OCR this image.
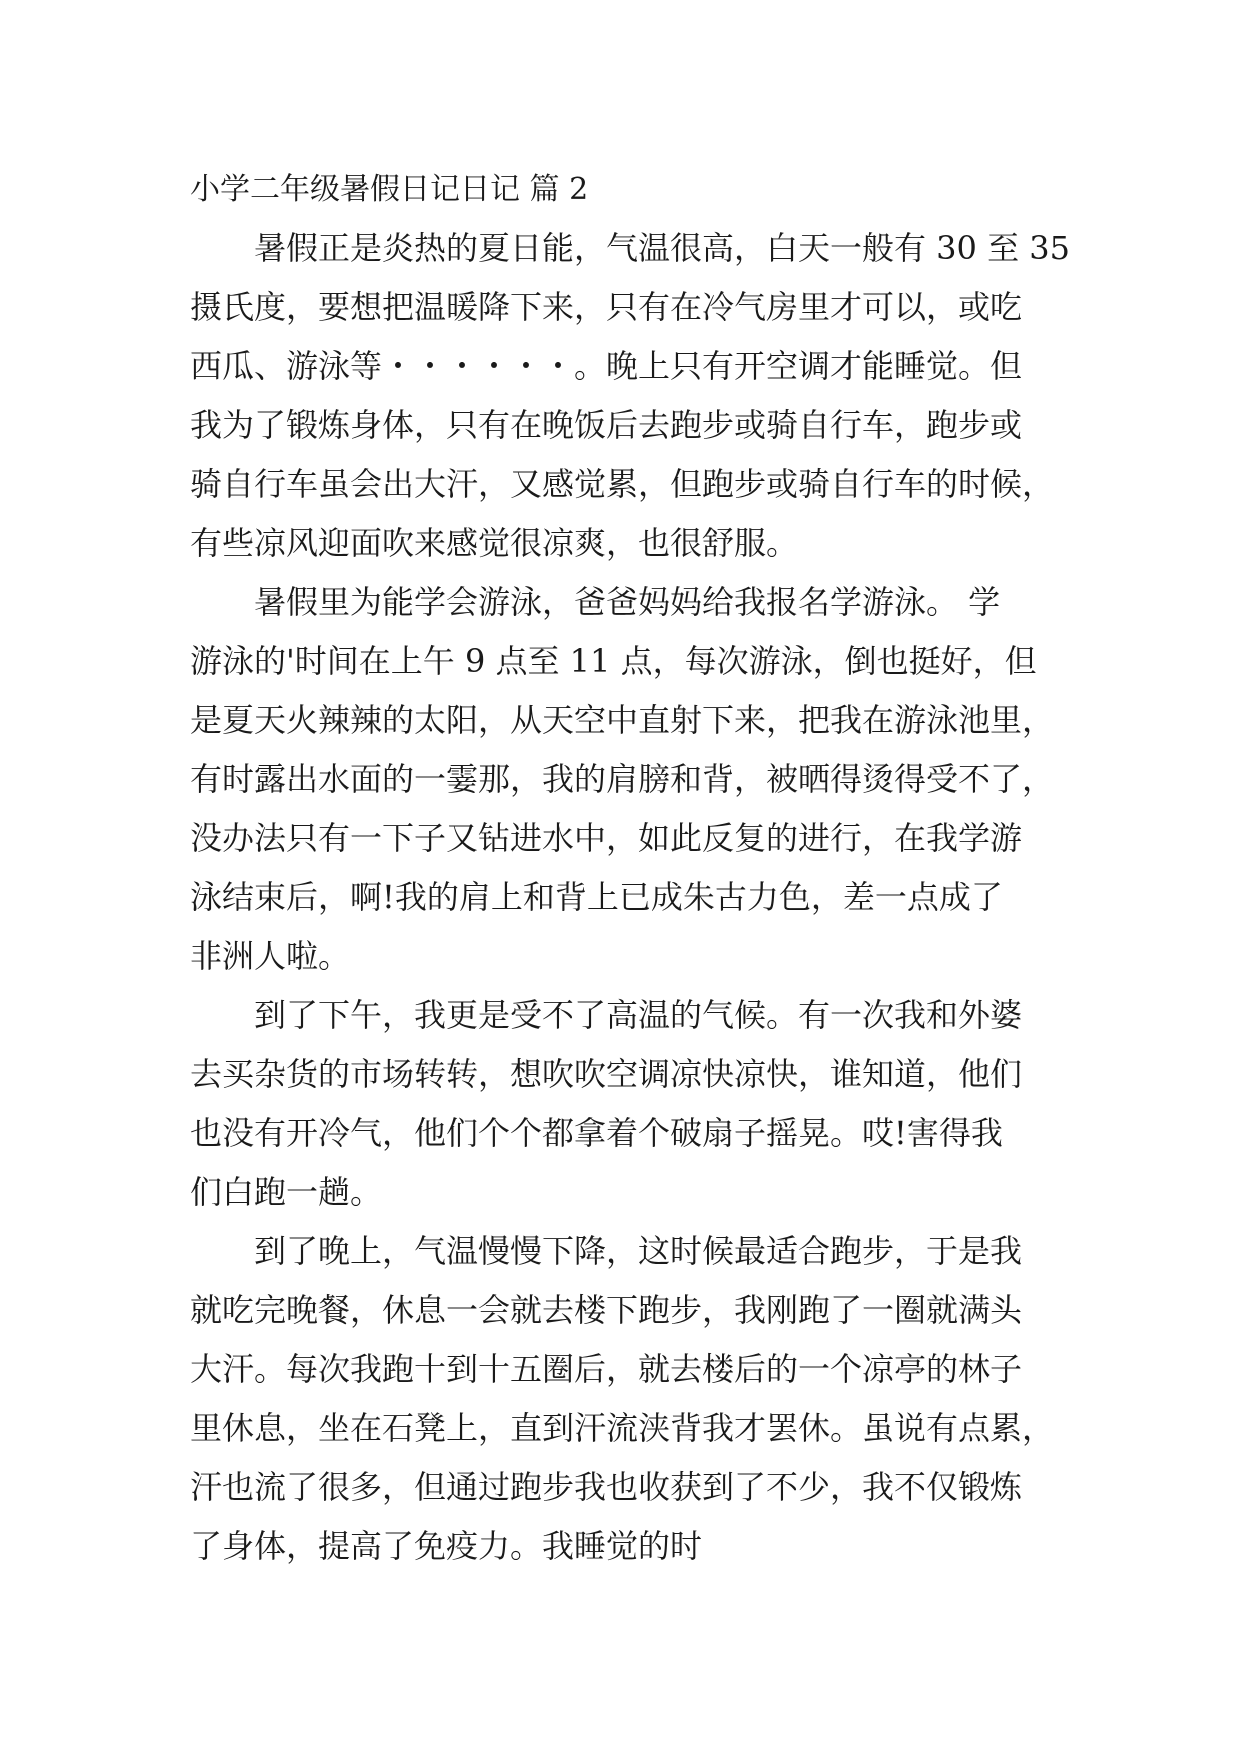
小学二年级暑假日记日记 篇 2
暑假正是炎热的夏日能，气温很高，白天一般有 30 至 35
摄氏度，要想把温暖降下来，只有在冷气房里才可以，或吃
西瓜、游泳等・・・・・・。晚上只有开空调才能睡觉。但
我为了锻炼身体，只有在晚饭后去跑步或骑自行车，跑步或
骑自行车虽会出大汗，又感觉累，但跑步或骑自行车的时候，
有些凉风迎面吹来感觉很凉爽，也很舒服。
暑假里为能学会游泳，爸爸妈妈给我报名学游泳。 学
游泳的'时间在上午 9 点至 11 点，每次游泳，倒也挺好，但
是夏天火辣辣的太阳，从天空中直射下来，把我在游泳池里，
有时露出水面的一霎那，我的肩膀和背，被晒得烫得受不了，
没办法只有一下子又钻进水中，如此反复的进行，在我学游
泳结束后，啊!我的肩上和背上已成朱古力色，差一点成了
非洲人啦。
到了下午，我更是受不了高温的气候。有一次我和外婆
去买杂货的市场转转，想吹吹空调凉快凉快，谁知道，他们
也没有开冷气，他们个个都拿着个破扇子摇晃。哎!害得我
们白跑一趟。
到了晚上，气温慢慢下降，这时候最适合跑步，于是我
就吃完晚餐，休息一会就去楼下跑步，我刚跑了一圈就满头
大汗。每次我跑十到十五圈后，就去楼后的一个凉亭的林子
里休息，坐在石凳上，直到汗流浃背我才罢休。虽说有点累，
汗也流了很多，但通过跑步我也收获到了不少，我不仅锻炼
了身体，提高了免疫力。我睡觉的时
